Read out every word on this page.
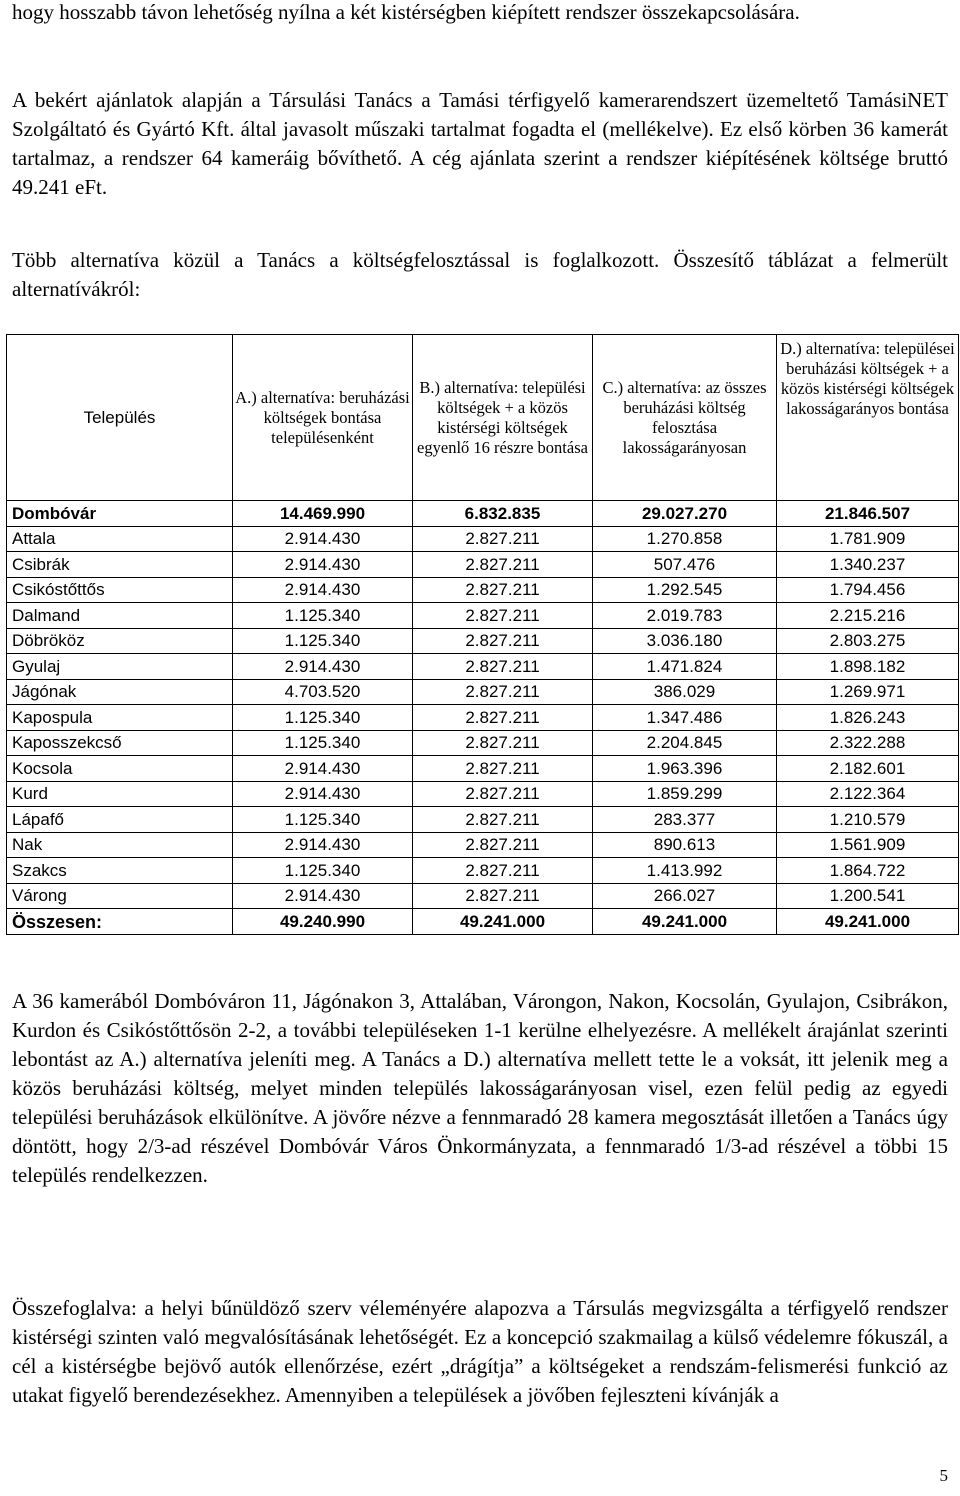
hogy hosszabb távon lehetőség nyílna a két kistérségben kiépített rendszer összekapcsolására.

A bekért ajánlatok alapján a Társulási Tanács a Tamási térfigyelő kamerarendszert üzemeltető TamásiNET Szolgáltató és Gyártó Kft. által javasolt műszaki tartalmat fogadta el (mellékelve). Ez első körben 36 kamerát tartalmaz, a rendszer 64 kameráig bővíthető. A cég ajánlata szerint a rendszer kiépítésének költsége bruttó 49.241 eFt.

Több alternatíva közül a Tanács a költségfelosztással is foglalkozott. Összesítő táblázat a felmerült alternatívákról:

Település	A.) alternatíva: beruházási költségek bontása településenként	B.) alternatíva: települési költségek + a közös kistérségi költségek egyenlő 16 részre bontása	C.) alternatíva: az összes beruházási költség felosztása lakosságarányosan	D.) alternatíva: települései beruházási költségek + a közös kistérségi költségek lakosságarányos bontása
Dombóvár	14.469.990	6.832.835	29.027.270	21.846.507
Attala	2.914.430	2.827.211	1.270.858	1.781.909
Csibrák	2.914.430	2.827.211	507.476	1.340.237
Csikóstőttős	2.914.430	2.827.211	1.292.545	1.794.456
Dalmand	1.125.340	2.827.211	2.019.783	2.215.216
Döbrököz	1.125.340	2.827.211	3.036.180	2.803.275
Gyulaj	2.914.430	2.827.211	1.471.824	1.898.182
Jágónak	4.703.520	2.827.211	386.029	1.269.971
Kapospula	1.125.340	2.827.211	1.347.486	1.826.243
Kaposszekcső	1.125.340	2.827.211	2.204.845	2.322.288
Kocsola	2.914.430	2.827.211	1.963.396	2.182.601
Kurd	2.914.430	2.827.211	1.859.299	2.122.364
Lápafő	1.125.340	2.827.211	283.377	1.210.579
Nak	2.914.430	2.827.211	890.613	1.561.909
Szakcs	1.125.340	2.827.211	1.413.992	1.864.722
Várong	2.914.430	2.827.211	266.027	1.200.541
Összesen:	49.240.990	49.241.000	49.241.000	49.241.000

A 36 kamerából Dombóváron 11, Jágónakon 3, Attalában, Várongon, Nakon, Kocsolán, Gyulajon, Csibrákon, Kurdon és Csikóstőttősön 2-2, a további településeken 1-1 kerülne elhelyezésre. A mellékelt árajánlat szerinti lebontást az A.) alternatíva jeleníti meg. A Tanács a D.) alternatíva mellett tette le a voksát, itt jelenik meg a közös beruházási költség, melyet minden település lakosságarányosan visel, ezen felül pedig az egyedi települési beruházások elkülönítve. A jövőre nézve a fennmaradó 28 kamera megosztását illetően a Tanács úgy döntött, hogy 2/3-ad részével Dombóvár Város Önkormányzata, a fennmaradó 1/3-ad részével a többi 15 település rendelkezzen.

Összefoglalva: a helyi bűnüldöző szerv véleményére alapozva a Társulás megvizsgálta a térfigyelő rendszer kistérségi szinten való megvalósításának lehetőségét. Ez a koncepció szakmailag a külső védelemre fókuszál, a cél a kistérségbe bejövő autók ellenőrzése, ezért „drágítja” a költségeket a rendszám-felismerési funkció az utakat figyelő berendezésekhez. Amennyiben a települések a jövőben fejleszteni kívánják a

5
